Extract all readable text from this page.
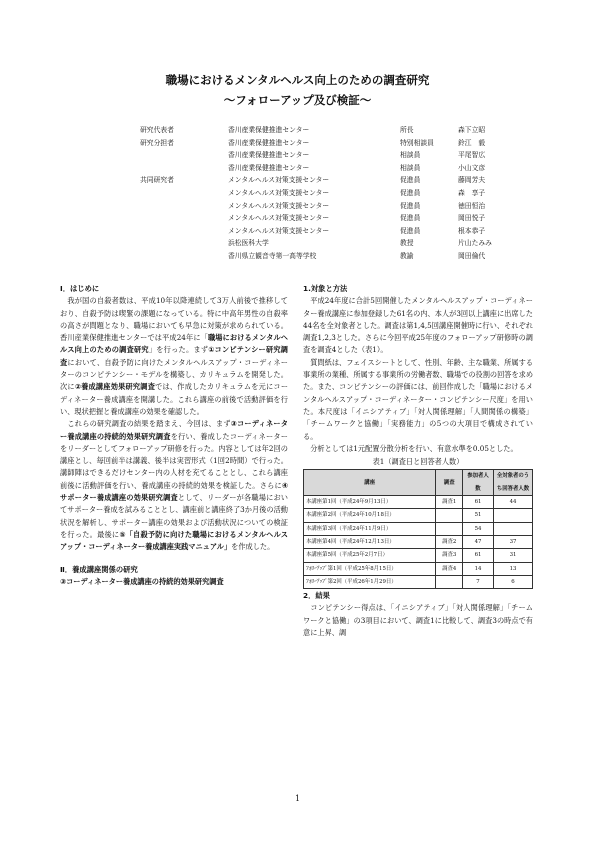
職場におけるメンタルヘルス向上のための調査研究
～フォローアップ及び検証～
研究代表者	香川産業保健推進センター	所長	森下立昭
研究分担者	香川産業保健推進センター	特別相談員	鈴江　毅
香川産業保健推進センター	相談員	平尾智広
香川産業保健推進センター	相談員	小山文彦
共同研究者	メンタルヘルス対策支援センター	促進員	藤岡芳夫
メンタルヘルス対策支援センター	促進員	森　享子
メンタルヘルス対策支援センター	促進員	徳田恒治
メンタルヘルス対策支援センター	促進員	岡田悦子
メンタルヘルス対策支援センター	促進員	根本恭子
浜松医科大学	教授	片山たみみ
香川県立観音寺第一高等学校	教諭	岡田倫代
Ⅰ．はじめに

　我が国の自殺者数は、平成10年以降連続して3万人前後で推移しており、自殺予防は喫緊の課題になっている。特に中高年男性の自殺率の高さが問題となり、職場においても早急に対策が求められている。香川産業保健推進センターでは平成24年に「職場におけるメンタルヘルス向上のための調査研究」を行った。まず①コンピテンシー研究調査において、自殺予防に向けたメンタルヘルスアップ・コーディネーターのコンピテンシー・モデルを構築し、カリキュラムを開発した。次に②養成講座効果研究調査では、作成したカリキュラムを元にコーディネーター養成講座を開講した。これら講座の前後で活動評価を行い、現状把握と養成講座の効果を確認した。

　これらの研究調査の結果を踏まえ、今回は、まず③コーディネーター養成講座の持続的効果研究調査を行い、養成したコーディネーターをリーダーとしてフォローアップ研修を行った。内容としては年2回の講座とし、毎回前半は講義、後半は実習形式（1回2時間）で行った。講師陣はできるだけセンター内の人材を充てることとし、これら講座前後に活動評価を行い、養成講座の持続的効果を検証した。さらに④サポーター養成講座の効果研究調査として、リーダーが各職場においてサポーター養成を試みることとし、講座前と講座終了3か月後の活動状況を解析し、サポーター講座の効果および活動状況についての検証を行った。最後に⑤「自殺予防に向けた職場におけるメンタルヘルスアップ・コーディネーター養成講座実践マニュアル」を作成した。

Ⅱ．養成講座関係の研究
③コーディネーター養成講座の持続的効果研究調査
1.対象と方法

　平成24年度に合計5回開催したメンタルヘルスアップ・コーディネーター養成講座に参加登録した61名の内、本人が3回以上講座に出席した44名を全対象者とした。調査は第1,4,5回講座開催時に行い、それぞれ調査1,2,3とした。さらに今回平成25年度のフォローアップ研修時の調査を調査4とした（表1）。

　質問紙は、フェイスシートとして、性別、年齢、主な職業、所属する事業所の業種、所属する事業所の労働者数、職場での役割の回答を求めた。また、コンピテンシーの評価には、前回作成した「職場におけるメンタルヘルスアップ・コーディネーター・コンピテンシー尺度」を用いた。本尺度は「イニシアティブ」「対人関係理解」「人間関係の構築」「チームワークと協働」「実務能力」の5つの大項目で構成されている。

　分析としては1元配置分散分析を行い、有意水準を0.05とした。

表1（調査日と回答者人数）
講座	調査	参加者人数	全対象者のうち回答者人数
本講座第1回（平成24年9月13日）	調査1	61	44
本講座第2回（平成24年10月18日）		51	
本講座第3回（平成24年11月9日）		54	
本講座第4回（平成24年12月13日）	調査2	47	37
本講座第5回（平成25年2月7日）	調査3	61	31
ﾌｫﾛｰｱｯﾌﾟ第1回（平成25年8月15日）	調査4	14	13
ﾌｫﾛｰｱｯﾌﾟ第2回（平成26年1月29日）		7	6
2．結果

　コンピテンシー得点は、「イニシアティブ」「対人関係理解」「チームワークと協働」の3項目において、調査1に比較して、調査3の時点で有意に上昇、調

1
